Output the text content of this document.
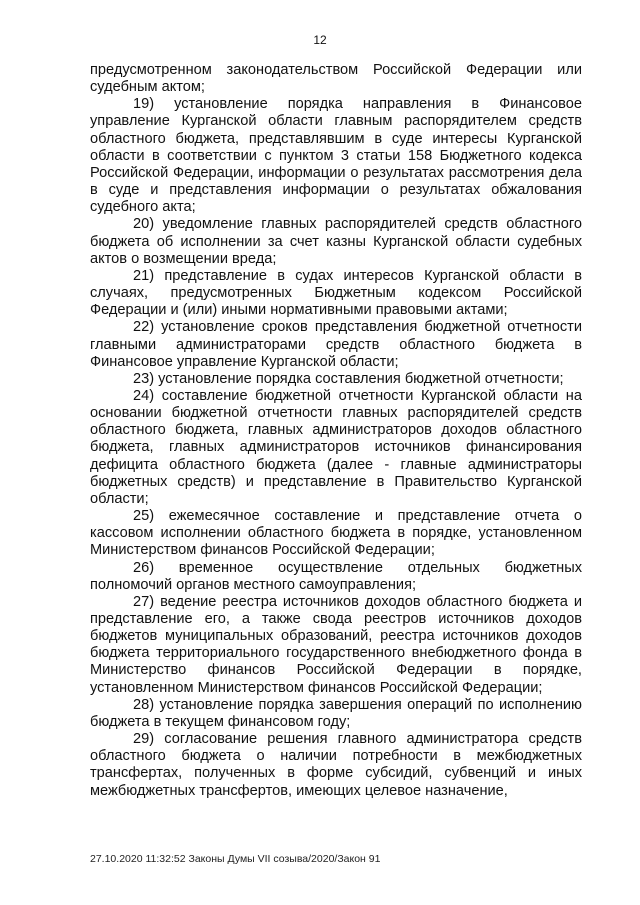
12

предусмотренном законодательством Российской Федерации или судебным актом;

19) установление порядка направления в Финансовое управление Курганской области главным распорядителем средств областного бюджета, представлявшим в суде интересы Курганской области в соответствии с пунктом 3 статьи 158 Бюджетного кодекса Российской Федерации, информации о результатах рассмотрения дела в суде и представления информации о результатах обжалования судебного акта;

20) уведомление главных распорядителей средств областного бюджета об исполнении за счет казны Курганской области судебных актов о возмещении вреда;

21) представление в судах интересов Курганской области в случаях, предусмотренных Бюджетным кодексом Российской Федерации и (или) иными нормативными правовыми актами;

22) установление сроков представления бюджетной отчетности главными администраторами средств областного бюджета в Финансовое управление Курганской области;

23) установление порядка составления бюджетной отчетности;

24) составление бюджетной отчетности Курганской области на основании бюджетной отчетности главных распорядителей средств областного бюджета, главных администраторов доходов областного бюджета, главных администраторов источников финансирования дефицита областного бюджета (далее - главные администраторы бюджетных средств) и представление в Правительство Курганской области;

25) ежемесячное составление и представление отчета о кассовом исполнении областного бюджета в порядке, установленном Министерством финансов Российской Федерации;

26) временное осуществление отдельных бюджетных полномочий органов местного самоуправления;

27) ведение реестра источников доходов областного бюджета и представление его, а также свода реестров источников доходов бюджетов муниципальных образований, реестра источников доходов бюджета территориального государственного внебюджетного фонда в Министерство финансов Российской Федерации в порядке, установленном Министерством финансов Российской Федерации;

28) установление порядка завершения операций по исполнению бюджета в текущем финансовом году;

29) согласование решения главного администратора средств областного бюджета о наличии потребности в межбюджетных трансфертах, полученных в форме субсидий, субвенций и иных межбюджетных трансфертов, имеющих целевое назначение,

27.10.2020 11:32:52 Законы Думы VII созыва/2020/Закон 91
